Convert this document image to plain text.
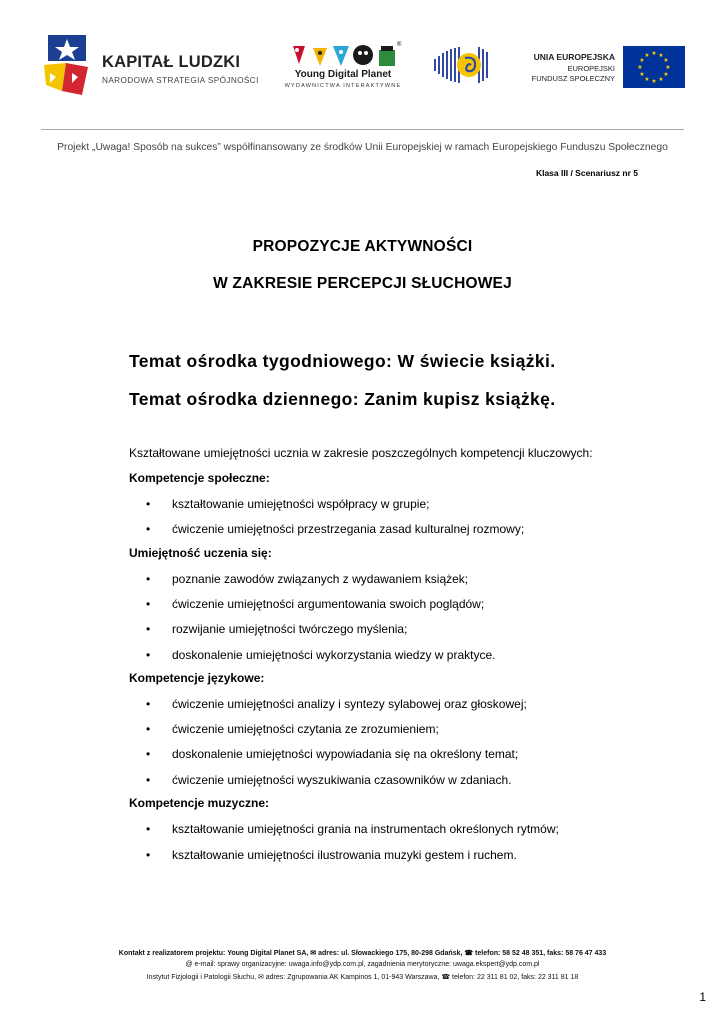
KAPITAŁ LUDZKI
NARODOWA STRATEGIA SPÓJNOŚCI
®
Young Digital Planet
WYDAWNICTWA INTERAKTYWNE
UNIA EUROPEJSKA
EUROPEJSKI
FUNDUSZ SPOŁECZNY
★ ★
★
★
★
★
★
★
★
★
★
★
Projekt „Uwaga! Sposób na sukces” współfinansowany ze środków Unii Europejskiej w ramach Europejskiego Funduszu Społecznego
Klasa III / Scenariusz nr 5
PROPOZYCJE AKTYWNOŚCI
W ZAKRESIE PERCEPCJI SŁUCHOWEJ
Temat ośrodka tygodniowego: W świecie książki.
Temat ośrodka dziennego: Zanim kupisz książkę.
Kształtowane umiejętności ucznia w zakresie poszczególnych kompetencji kluczowych:
Kompetencje społeczne:
• kształtowanie umiejętności współpracy w grupie;
• ćwiczenie umiejętności przestrzegania zasad kulturalnej rozmowy;
Umiejętność uczenia się:
• poznanie zawodów związanych z wydawaniem książek;
• ćwiczenie umiejętności argumentowania swoich poglądów;
• rozwijanie umiejętności twórczego myślenia;
• doskonalenie umiejętności wykorzystania wiedzy w praktyce.
Kompetencje językowe:
• ćwiczenie umiejętności analizy i syntezy sylabowej oraz głoskowej;
• ćwiczenie umiejętności czytania ze zrozumieniem;
• doskonalenie umiejętności wypowiadania się na określony temat;
• ćwiczenie umiejętności wyszukiwania czasowników w zdaniach.
Kompetencje muzyczne:
• kształtowanie umiejętności grania na instrumentach określonych rytmów;
• kształtowanie umiejętności ilustrowania muzyki gestem i ruchem.
Kontakt z realizatorem projektu: Young Digital Planet SA, ✉ adres: ul. Słowackiego 175, 80-298 Gdańsk, ☎ telefon: 58 52 48 351, faks: 58 76 47 433
@ e-mail: sprawy organizacyjne: uwaga.info@ydp.com.pl, zagadnienia merytoryczne: uwaga.ekspert@ydp.com.pl
Instytut Fizjologii i Patologii Słuchu, ✉ adres: Zgrupowania AK Kampinos 1, 01-943 Warszawa, ☎ telefon: 22 311 81 02, faks: 22 311 81 18
1
